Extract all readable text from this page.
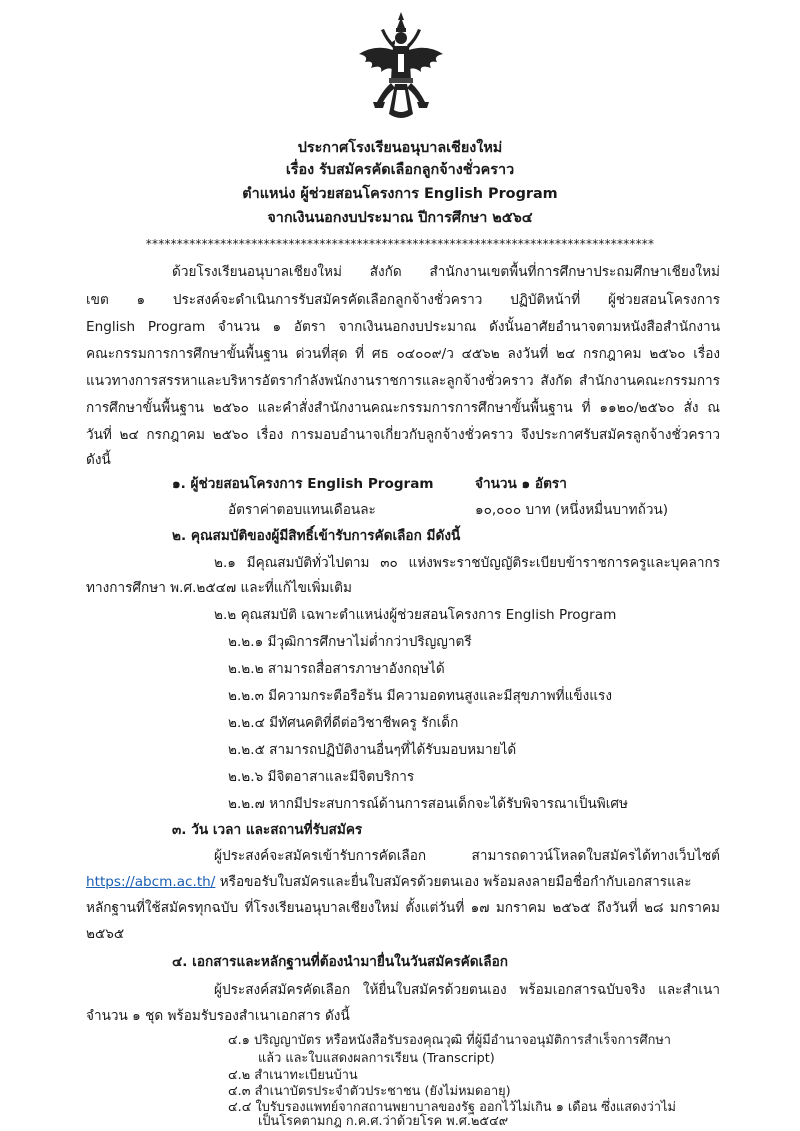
ประกาศโรงเรียนอนุบาลเชียงใหม่
เรื่อง รับสมัครคัดเลือกลูกจ้างชั่วคราว
ตำแหน่ง ผู้ช่วยสอนโครงการ English Program
จากเงินนอกงบประมาณ ปีการศึกษา ๒๕๖๔
**********************************************************************************
ด้วยโรงเรียนอนุบาลเชียงใหม่ สังกัด สำนักงานเขตพื้นที่การศึกษาประถมศึกษาเชียงใหม่
เขต ๑ ประสงค์จะดำเนินการรับสมัครคัดเลือกลูกจ้างชั่วคราว ปฏิบัติหน้าที่ ผู้ช่วยสอนโครงการ
English Program จำนวน ๑ อัตรา จากเงินนอกงบประมาณ ดังนั้นอาศัยอำนาจตามหนังสือสำนักงาน
คณะกรรมการการศึกษาขั้นพื้นฐาน ด่วนที่สุด ที่ ศธ ๐๔๐๐๙/ว ๔๕๖๒ ลงวันที่ ๒๔ กรกฎาคม ๒๕๖๐ เรื่อง
แนวทางการสรรหาและบริหารอัตรากำลังพนักงานราชการและลูกจ้างชั่วคราว สังกัด สำนักงานคณะกรรมการ
การศึกษาขั้นพื้นฐาน ๒๕๖๐ และคำสั่งสำนักงานคณะกรรมการการศึกษาขั้นพื้นฐาน ที่ ๑๑๒๐/๒๕๖๐ สั่ง ณ
วันที่ ๒๔ กรกฎาคม ๒๕๖๐ เรื่อง การมอบอำนาจเกี่ยวกับลูกจ้างชั่วคราว จึงประกาศรับสมัครลูกจ้างชั่วคราว
ดังนี้
๑. ผู้ช่วยสอนโครงการ English Program	จำนวน ๑ อัตรา
อัตราค่าตอบแทนเดือนละ	๑๐,๐๐๐ บาท (หนึ่งหมื่นบาทถ้วน)
๒. คุณสมบัติของผู้มีสิทธิ์เข้ารับการคัดเลือก มีดังนี้
๒.๑ มีคุณสมบัติทั่วไปตาม ๓๐ แห่งพระราชบัญญัติระเบียบข้าราชการครูและบุคลากร
ทางการศึกษา พ.ศ.๒๕๔๗ และที่แก้ไขเพิ่มเติม
๒.๒ คุณสมบัติ เฉพาะตำแหน่งผู้ช่วยสอนโครงการ English Program
๒.๒.๑ มีวุฒิการศึกษาไม่ต่ำกว่าปริญญาตรี
๒.๒.๒ สามารถสื่อสารภาษาอังกฤษได้
๒.๒.๓ มีความกระตือรือร้น มีความอดทนสูงและมีสุขภาพที่แข็งแรง
๒.๒.๔ มีทัศนคติที่ดีต่อวิชาชีพครู รักเด็ก
๒.๒.๕ สามารถปฏิบัติงานอื่นๆที่ได้รับมอบหมายได้
๒.๒.๖ มีจิตอาสาและมีจิตบริการ
๒.๒.๗ หากมีประสบการณ์ด้านการสอนเด็กจะได้รับพิจารณาเป็นพิเศษ
๓. วัน เวลา และสถานที่รับสมัคร
ผู้ประสงค์จะสมัครเข้ารับการคัดเลือก สามารถดาวน์โหลดใบสมัครได้ทางเว็บไซต์
https://abcm.ac.th/ หรือขอรับใบสมัครและยื่นใบสมัครด้วยตนเอง พร้อมลงลายมือชื่อกำกับเอกสารและ
หลักฐานที่ใช้สมัครทุกฉบับ ที่โรงเรียนอนุบาลเชียงใหม่ ตั้งแต่วันที่ ๑๗ มกราคม ๒๕๖๕ ถึงวันที่ ๒๘ มกราคม
๒๕๖๕
๔. เอกสารและหลักฐานที่ต้องนำมายื่นในวันสมัครคัดเลือก
ผู้ประสงค์สมัครคัดเลือก ให้ยื่นใบสมัครด้วยตนเอง พร้อมเอกสารฉบับจริง และสำเนา
จำนวน ๑ ชุด พร้อมรับรองสำเนาเอกสาร ดังนี้
๔.๑ ปริญญาบัตร หรือหนังสือรับรองคุณวุฒิ ที่ผู้มีอำนาจอนุมัติการสำเร็จการศึกษา
แล้ว และใบแสดงผลการเรียน (Transcript)
๔.๒ สำเนาทะเบียนบ้าน
๔.๓ สำเนาบัตรประจำตัวประชาชน (ยังไม่หมดอายุ)
๔.๔ ใบรับรองแพทย์จากสถานพยาบาลของรัฐ ออกไว้ไม่เกิน ๑ เดือน ซึ่งแสดงว่าไม่
เป็นโรคตามกฎ ก.ค.ศ.ว่าด้วยโรค พ.ศ.๒๕๔๙
